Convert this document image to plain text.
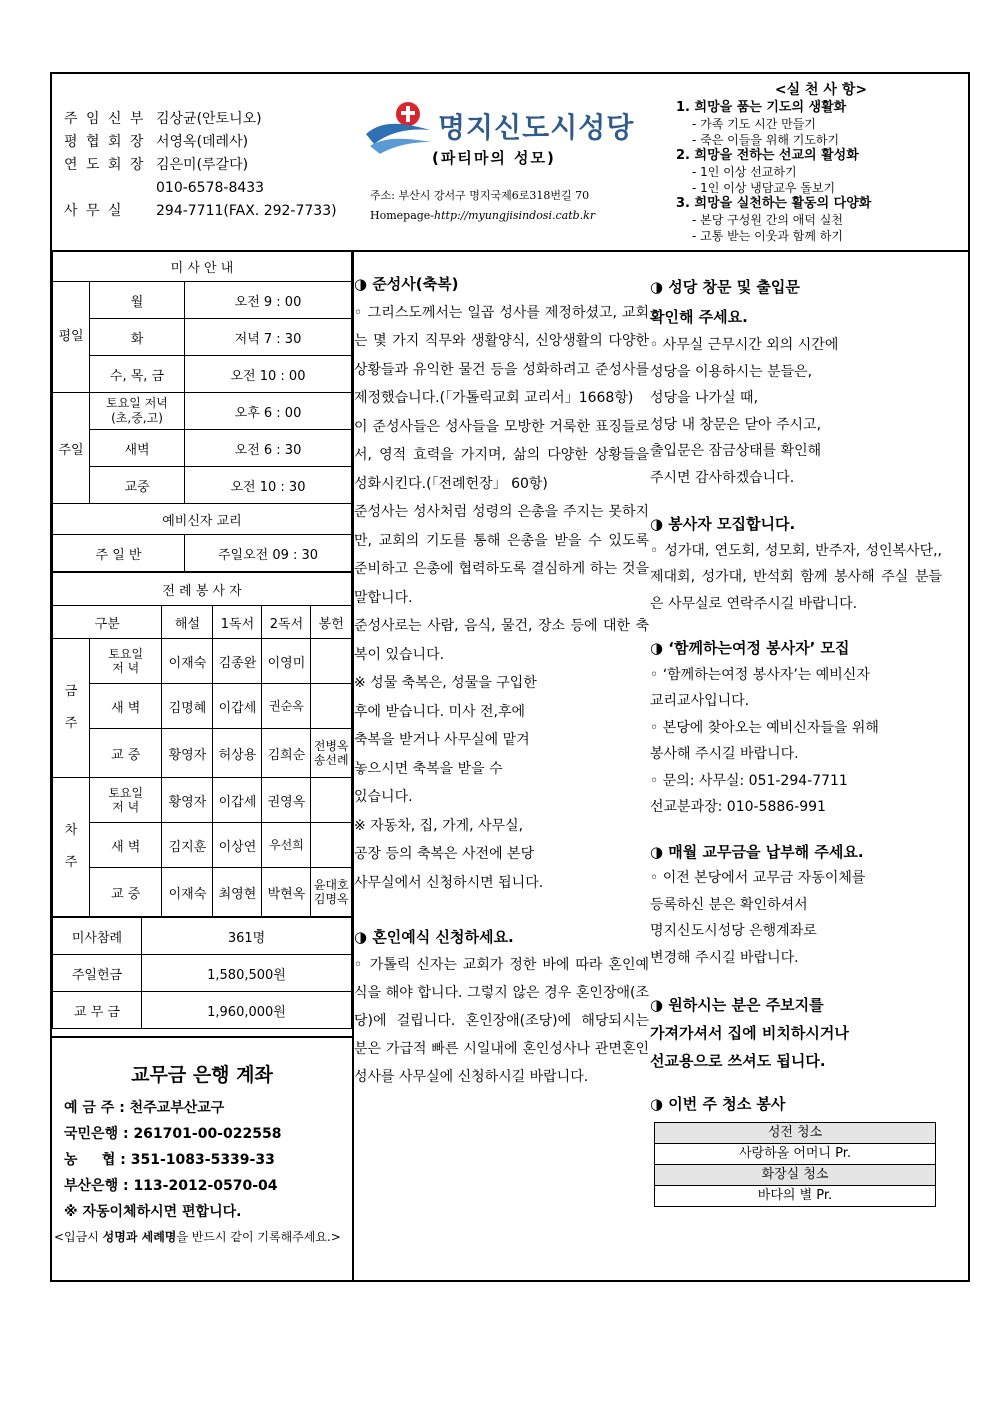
주 임 신 부 김상균(안토니오)
평 협 회 장 서영옥(데레사)
연 도 회 장 김은미(루갈다)
010-6578-8433
사 무 실 294-7711(FAX. 292-7733)
명지신도시성당
(파티마의 성모)
주소: 부산시 강서구 명지국제6로318번길 70
Homepage-http://myungjisindosi.catb.kr
<실 천 사 항>
1. 희망을 품는 기도의 생활화
- 가족 기도 시간 만들기
- 죽은 이들을 위해 기도하기
2. 희망을 전하는 선교의 활성화
- 1인 이상 선교하기
- 1인 이상 냉담교우 돌보기
3. 희망을 실천하는 활동의 다양화
- 본당 구성원 간의 애덕 실천
- 고통 받는 이웃과 함께 하기
미 사 안 내		
평일	월	오전 9 : 00
	화	저녁 7 : 30
	수, 목, 금	오전 10 : 00
주일	토요일 저녁
(초,중,고)	오후 6 : 00
	새벽	오전 6 : 30
	교중	오전 10 : 30
예비신자 교리		
주 일 반		주일오전 09 : 30
전 례 봉 사 자					
구분		해설	1독서	2독서	봉헌
금

주	토요일
저 녁	이재숙	김종완	이영미	
	새 벽	김명혜	이갑세	권순옥	
	교 중	황영자	허상용	김희순	전병옥
송선례
차

주	토요일
저 녁	황영자	이갑세	권영옥	
	새 벽	김지훈	이상연	우선희	
	교 중	이재숙	최영현	박현옥	윤대호
김명옥
미사참례	361명
주일헌금	1,580,500원
교 무 금	1,960,000원
교무금 은행 계좌
예 금 주 : 천주교부산교구
국민은행 : 261701-00-022558
농     협 : 351-1083-5339-33
부산은행 : 113-2012-0570-04
※ 자동이체하시면 편합니다.
<입금시 성명과 세례명을 반드시 같이 기록해주세요.>
◑ 준성사(축복)
◦ 그리스도께서는 일곱 성사를 제정하셨고, 교회는 몇 가지 직무와 생활양식, 신앙생활의 다양한 상황들과 유익한 물건 등을 성화하려고 준성사를 제정했습니다.(「가톨릭교회 교리서」1668항)
이 준성사들은 성사들을 모방한 거룩한 표징들로서, 영적 효력을 가지며, 삶의 다양한 상황들을 성화시킨다.(「전례헌장」 60항)
준성사는 성사처럼 성령의 은총을 주지는 못하지만, 교회의 기도를 통해 은총을 받을 수 있도록 준비하고 은총에 협력하도록 결심하게 하는 것을 말합니다.
준성사로는 사람, 음식, 물건, 장소 등에 대한 축복이 있습니다.
※ 성물 축복은, 성물을 구입한
후에 받습니다. 미사 전,후에
축복을 받거나 사무실에 맡겨
놓으시면 축복을 받을 수
있습니다.
※ 자동차, 집, 가게, 사무실,
공장 등의 축복은 사전에 본당
사무실에서 신청하시면 됩니다.
◑ 혼인예식 신청하세요.
◦ 가톨릭 신자는 교회가 정한 바에 따라 혼인예식을 해야 합니다. 그렇지 않은 경우 혼인장애(조당)에 걸립니다. 혼인장애(조당)에 해당되시는 분은 가급적 빠른 시일내에 혼인성사나 관면혼인성사를 사무실에 신청하시길 바랍니다.
◑ 성당 창문 및 출입문
확인해 주세요.
◦ 사무실 근무시간 외의 시간에
성당을 이용하시는 분들은,
성당을 나가실 때,
성당 내 창문은 닫아 주시고,
출입문은 잠금상태를 확인해
주시면 감사하겠습니다.
◑ 봉사자 모집합니다.
◦ 성가대, 연도회, 성모회, 반주자, 성인복사단,, 제대회, 성가대, 반석회 함께 봉사해 주실 분들은 사무실로 연락주시길 바랍니다.
◑ ‘함께하는여정 봉사자’ 모집
◦ ‘함께하는여정 봉사자’는 예비신자
교리교사입니다.
◦ 본당에 찾아오는 예비신자들을 위해
봉사해 주시길 바랍니다.
◦ 문의: 사무실: 051-294-7711
선교분과장: 010-5886-991
◑ 매월 교무금을 납부해 주세요.
◦ 이전 본당에서 교무금 자동이체를
등록하신 분은 확인하셔서
명지신도시성당 은행계좌로
변경해 주시길 바랍니다.
◑ 원하시는 분은 주보지를
가져가셔서 집에 비치하시거나
선교용으로 쓰셔도 됩니다.
◑ 이번 주 청소 봉사
성전 청소
사랑하올 어머니 Pr.
화장실 청소
바다의 별 Pr.
